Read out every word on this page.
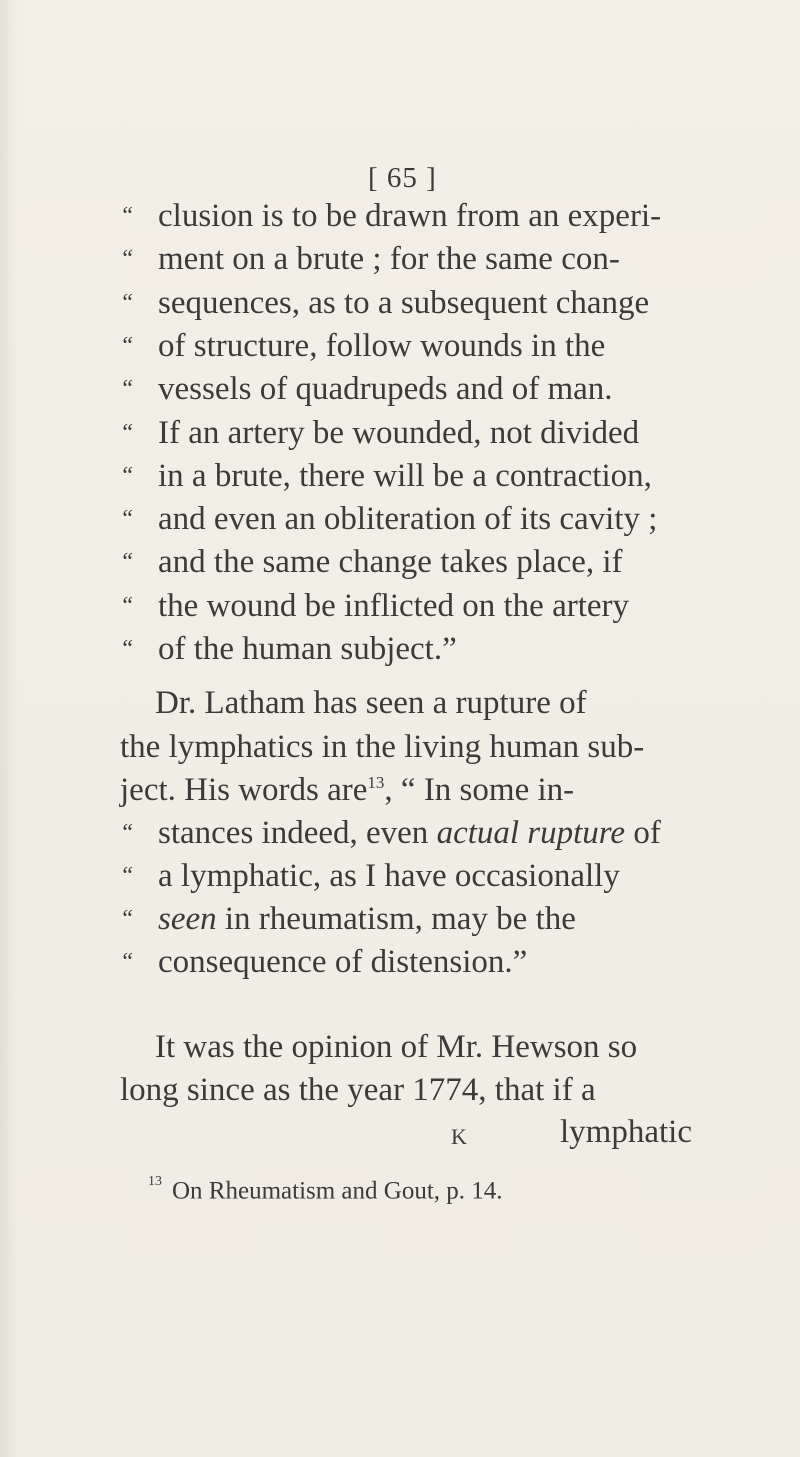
[ 65 ]
“ clusion is to be drawn from an experi-
“ ment on a brute ; for the same con-
“ sequences, as to a subsequent change
“ of structure, follow wounds in the
“ vessels of quadrupeds and of man.
“ If an artery be wounded, not divided
“ in a brute, there will be a contraction,
“ and even an obliteration of its cavity ;
“ and the same change takes place, if
“ the wound be inflicted on the artery
“ of the human subject.”
Dr. Latham has seen a rupture of
the lymphatics in the living human sub-
ject. His words are$^{13}$, “ In some in-
“ stances indeed, even actual rupture of
“ a lymphatic, as I have occasionally
“ seen in rheumatism, may be the
“ consequence of distension.”
It was the opinion of Mr. Hewson so
long since as the year 1774, that if a
K	lymphatic
$^{13}$ On Rheumatism and Gout, p. 14.
